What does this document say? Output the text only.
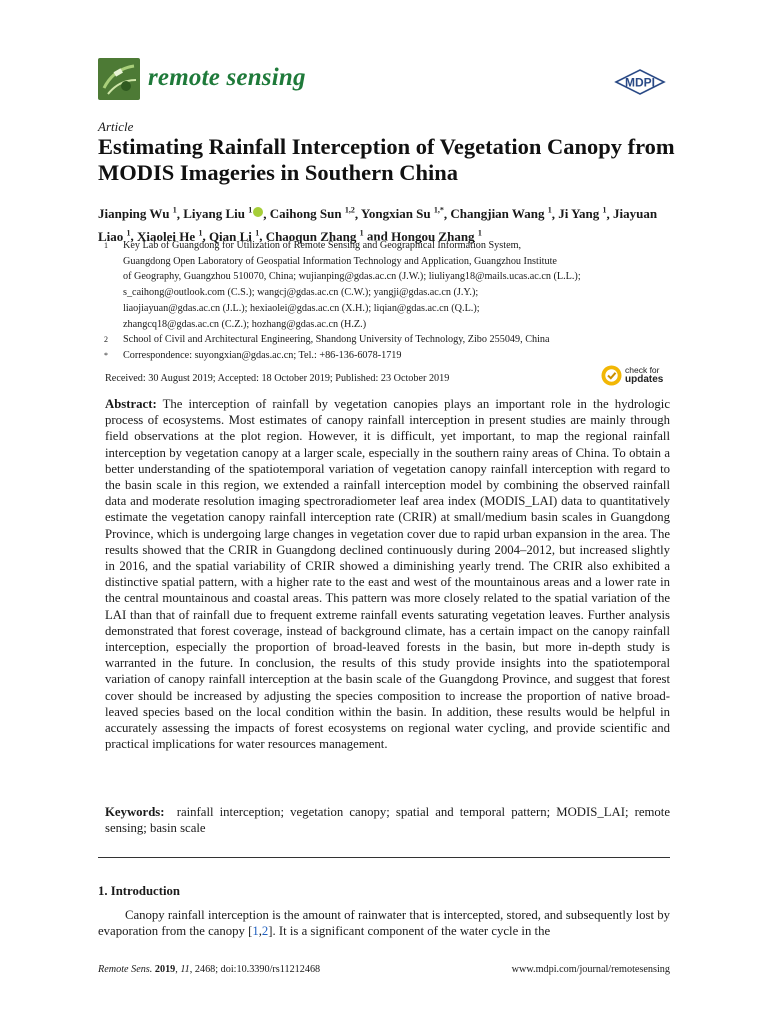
remote sensing	MDPI
Article
Estimating Rainfall Interception of Vegetation Canopy from MODIS Imageries in Southern China
Jianping Wu $^1$, Liyang Liu $^1$ , Caihong Sun $^{1,2}$, Yongxian Su $^{1,*}$, Changjian Wang $^1$, Ji Yang $^1$, Jiayuan Liao $^1$, Xiaolei He $^1$, Qian Li $^1$, Chaoqun Zhang $^1$ and Hongou Zhang $^1$
1 Key Lab of Guangdong for Utilization of Remote Sensing and Geographical Information System,
Guangdong Open Laboratory of Geospatial Information Technology and Application, Guangzhou Institute
of Geography, Guangzhou 510070, China; wujianping@gdas.ac.cn (J.W.); liuliyang18@mails.ucas.ac.cn (L.L.);
s_caihong@outlook.com (C.S.); wangcj@gdas.ac.cn (C.W.); yangji@gdas.ac.cn (J.Y.);
liaojiayuan@gdas.ac.cn (J.L.); hexiaolei@gdas.ac.cn (X.H.); liqian@gdas.ac.cn (Q.L.);
zhangcq18@gdas.ac.cn (C.Z.); hozhang@gdas.ac.cn (H.Z.)
2 School of Civil and Architectural Engineering, Shandong University of Technology, Zibo 255049, China
* Correspondence: suyongxian@gdas.ac.cn; Tel.: +86-136-6078-1719
Received: 30 August 2019; Accepted: 18 October 2019; Published: 23 October 2019
check for
updates

Abstract: The interception of rainfall by vegetation canopies plays an important role in the hydrologic process of ecosystems. Most estimates of canopy rainfall interception in present studies are mainly through field observations at the plot region. However, it is difficult, yet important, to map the regional rainfall interception by vegetation canopy at a larger scale, especially in the southern rainy areas of China. To obtain a better understanding of the spatiotemporal variation of vegetation canopy rainfall interception with regard to the basin scale in this region, we extended a rainfall interception model by combining the observed rainfall data and moderate resolution imaging spectroradiometer leaf area index (MODIS_LAI) data to quantitatively estimate the vegetation canopy rainfall interception rate (CRIR) at small/medium basin scales in Guangdong Province, which is undergoing large changes in vegetation cover due to rapid urban expansion in the area. The results showed that the CRIR in Guangdong declined continuously during 2004–2012, but increased slightly in 2016, and the spatial variability of CRIR showed a diminishing yearly trend. The CRIR also exhibited a distinctive spatial pattern, with a higher rate to the east and west of the mountainous areas and a lower rate in the central mountainous and coastal areas. This pattern was more closely related to the spatial variation of the LAI than that of rainfall due to frequent extreme rainfall events saturating vegetation leaves. Further analysis demonstrated that forest coverage, instead of background climate, has a certain impact on the canopy rainfall interception, especially the proportion of broad-leaved forests in the basin, but more in-depth study is warranted in the future. In conclusion, the results of this study provide insights into the spatiotemporal variation of canopy rainfall interception at the basin scale of the Guangdong Province, and suggest that forest cover should be increased by adjusting the species composition to increase the proportion of native broad-leaved species based on the local condition within the basin. In addition, these results would be helpful in accurately assessing the impacts of forest ecosystems on regional water cycling, and provide scientific and practical implications for water resources management.

Keywords: rainfall interception; vegetation canopy; spatial and temporal pattern; MODIS_LAI; remote sensing; basin scale

1. Introduction

Canopy rainfall interception is the amount of rainwater that is intercepted, stored, and subsequently lost by evaporation from the canopy [1,2]. It is a significant component of the water cycle in the

Remote Sens. 2019, 11, 2468; doi:10.3390/rs11212468	www.mdpi.com/journal/remotesensing
